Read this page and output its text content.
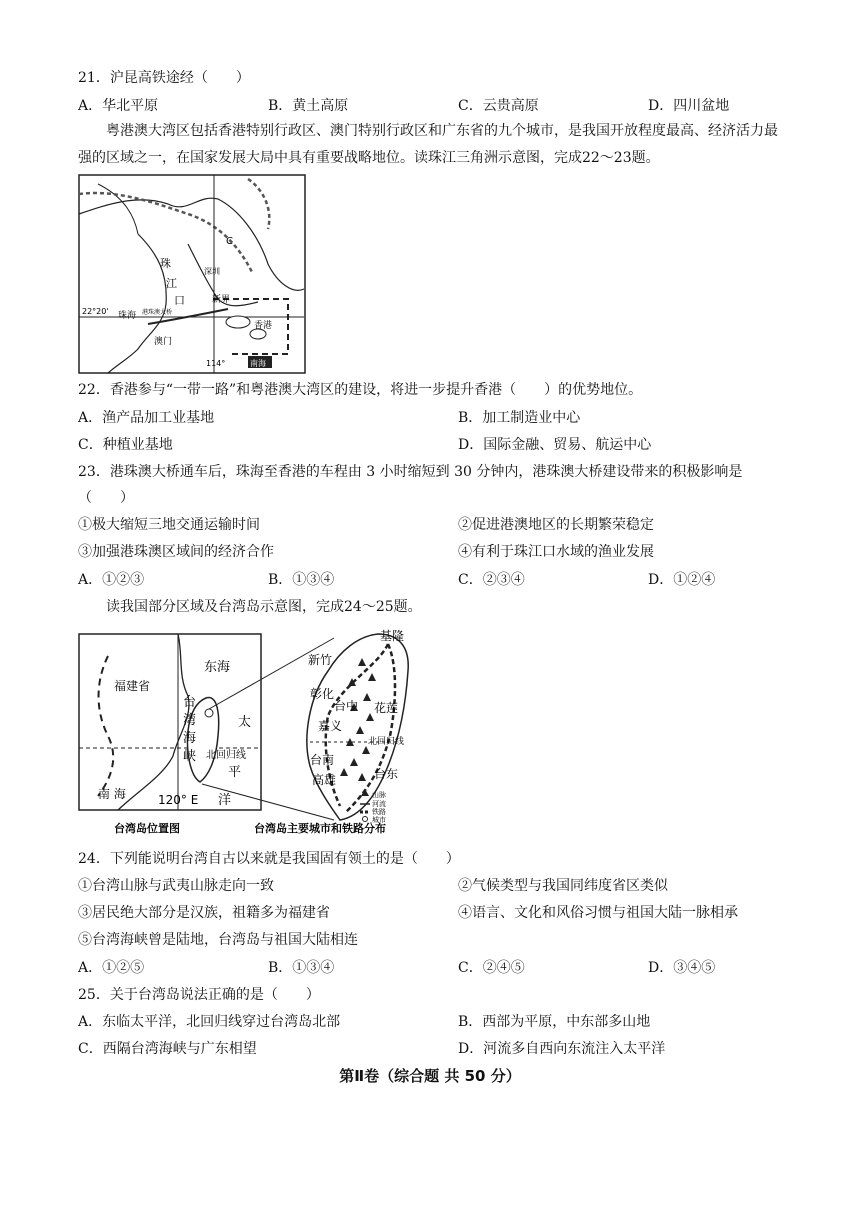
21．沪昆高铁途经（　　）
A．华北平原	B．黄土高原	C．云贵高原	D．四川盆地
粤港澳大湾区包括香港特别行政区、澳门特别行政区和广东省的九个城市，是我国开放程度最高、经济活力最强的区域之一，在国家发展大局中具有重要战略地位。读珠江三角洲示意图，完成22～23题。
珠
江
口
深圳
新界
香港
珠海 港珠澳大桥
澳门
22°20'
114°	南海
C
22．香港参与“一带一路”和粤港澳大湾区的建设，将进一步提升香港（　　）的优势地位。
A．渔产品加工业基地	B．加工制造业中心
C．种植业基地	D．国际金融、贸易、航运中心
23．港珠澳大桥通车后，珠海至香港的车程由 3 小时缩短到 30 分钟内，港珠澳大桥建设带来的积极影响是
（　　）
①极大缩短三地交通运输时间	②促进港澳地区的长期繁荣稳定
③加强港珠澳区域间的经济合作	④有利于珠江口水域的渔业发展
A．①②③	B．①③④	C．②③④	D．①②④
读我国部分区域及台湾岛示意图，完成24～25题。
福建省
东海
台
湾
海
峡
太
平
洋
北回归线
南 海	120° E
台湾岛位置图
基隆
新竹
彰化
台中 花莲
嘉义
北回归线
台南
高雄	台东
山脉
河流
铁路
城市
台湾岛主要城市和铁路分布
24．下列能说明台湾自古以来就是我国固有领土的是（　　）
①台湾山脉与武夷山脉走向一致	②气候类型与我国同纬度省区类似
③居民绝大部分是汉族，祖籍多为福建省	④语言、文化和风俗习惯与祖国大陆一脉相承
⑤台湾海峡曾是陆地，台湾岛与祖国大陆相连
A．①②⑤	B．①③④	C．②④⑤	D．③④⑤
25．关于台湾岛说法正确的是（　　）
A．东临太平洋，北回归线穿过台湾岛北部	B．西部为平原，中东部多山地
C．西隔台湾海峡与广东相望	D．河流多自西向东流注入太平洋
第Ⅱ卷（综合题 共 50 分）
